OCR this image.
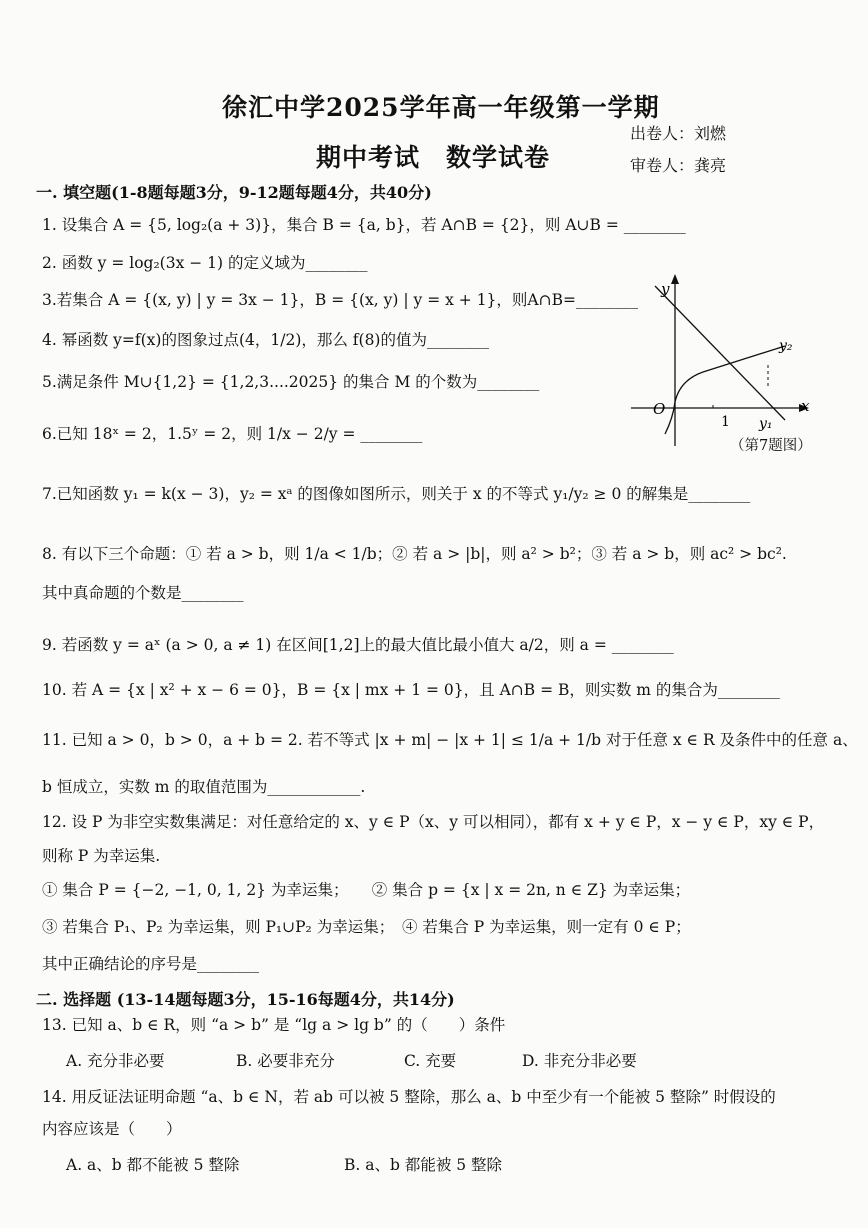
徐汇中学2025学年高一年级第一学期
出卷人：刘燃
期中考试　数学试卷	审卷人：龚亮
一. 填空题(1-8题每题3分，9-12题每题4分，共40分)
1. 设集合 A = {5, log₂(a + 3)}，集合 B = {a, b}，若 A∩B = {2}，则 A∪B = ________
2. 函数 y = log₂(3x − 1) 的定义域为________
3.若集合 A = {(x, y) | y = 3x − 1}，B = {(x, y) | y = x + 1}，则A∩B=________
4. 幂函数 y=f(x)的图象过点(4，1/2)，那么 f(8)的值为________
5.满足条件 M∪{1,2} = {1,2,3....2025} 的集合 M 的个数为________
6.已知 18ˣ = 2，1.5ʸ = 2，则 1/x − 2/y = ________
y
x
O
1 y₁
y₂
（第7题图）
7.已知函数 y₁ = k(x − 3)，y₂ = xᵃ 的图像如图所示，则关于 x 的不等式 y₁/y₂ ≥ 0 的解集是________
8. 有以下三个命题：① 若 a > b，则 1/a < 1/b；② 若 a > |b|，则 a² > b²；③ 若 a > b，则 ac² > bc².
其中真命题的个数是________
9. 若函数 y = aˣ (a > 0, a ≠ 1) 在区间[1,2]上的最大值比最小值大 a/2，则 a = ________
10. 若 A = {x | x² + x − 6 = 0}，B = {x | mx + 1 = 0}，且 A∩B = B，则实数 m 的集合为________
11. 已知 a > 0，b > 0，a + b = 2. 若不等式 |x + m| − |x + 1| ≤ 1/a + 1/b 对于任意 x ∈ R 及条件中的任意 a、
b 恒成立，实数 m 的取值范围为____________.
12. 设 P 为非空实数集满足：对任意给定的 x、y ∈ P（x、y 可以相同），都有 x + y ∈ P，x − y ∈ P，xy ∈ P，
则称 P 为幸运集.
① 集合 P = {−2, −1, 0, 1, 2} 为幸运集；　　② 集合 p = {x | x = 2n, n ∈ Z} 为幸运集；
③ 若集合 P₁、P₂ 为幸运集，则 P₁∪P₂ 为幸运集；　④ 若集合 P 为幸运集，则一定有 0 ∈ P；
其中正确结论的序号是________
二. 选择题 (13-14题每题3分，15-16每题4分，共14分)
13. 已知 a、b ∈ R，则 “a > b” 是 “lg a > lg b” 的（　　）条件
A. 充分非必要	B. 必要非充分	C. 充要	D. 非充分非必要
14. 用反证法证明命题 “a、b ∈ N，若 ab 可以被 5 整除，那么 a、b 中至少有一个能被 5 整除” 时假设的
内容应该是（　　）
A. a、b 都不能被 5 整除	B. a、b 都能被 5 整除
